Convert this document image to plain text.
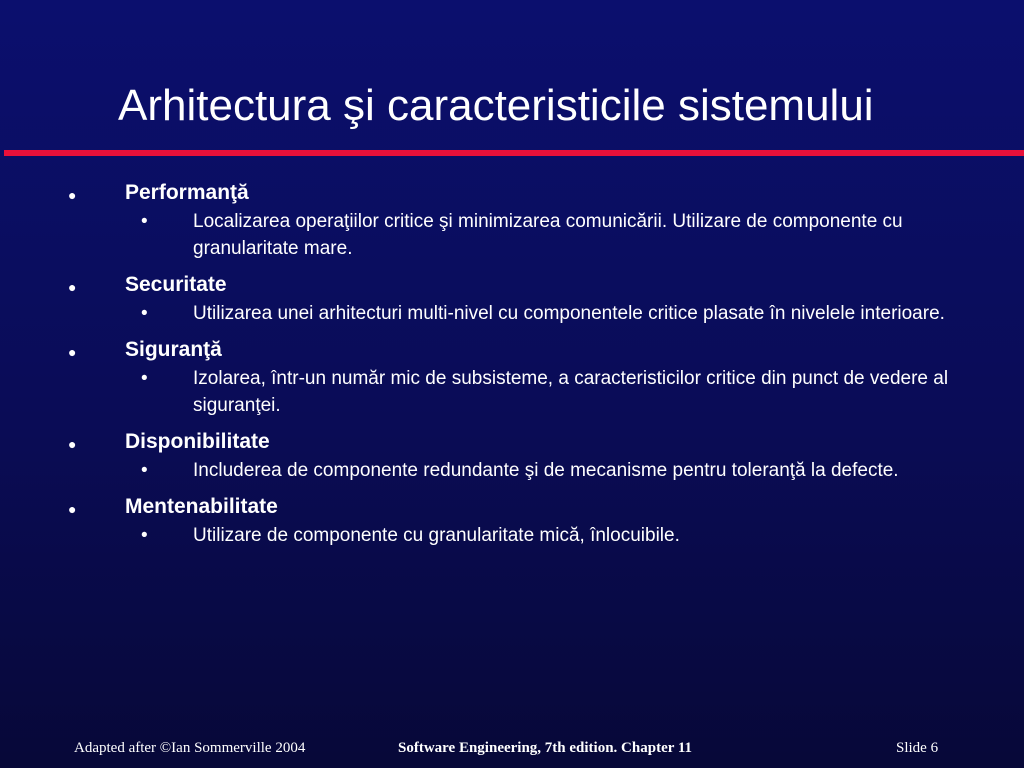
Arhitectura şi caracteristicile sistemului
● Performanţă
• Localizarea operaţiilor critice şi minimizarea comunicării. Utilizare de componente cu granularitate mare.
● Securitate
• Utilizarea unei arhitecturi multi-nivel cu componentele critice plasate în nivelele interioare.
● Siguranţă
• Izolarea, într-un număr mic de subsisteme, a caracteristicilor critice din punct de vedere al siguranţei.
● Disponibilitate
• Includerea de componente redundante şi de mecanisme pentru toleranţă la defecte.
● Mentenabilitate
• Utilizare de componente cu granularitate mică, înlocuibile.
Adapted after ©Ian Sommerville 2004	Software Engineering, 7th edition. Chapter 11	Slide 6
